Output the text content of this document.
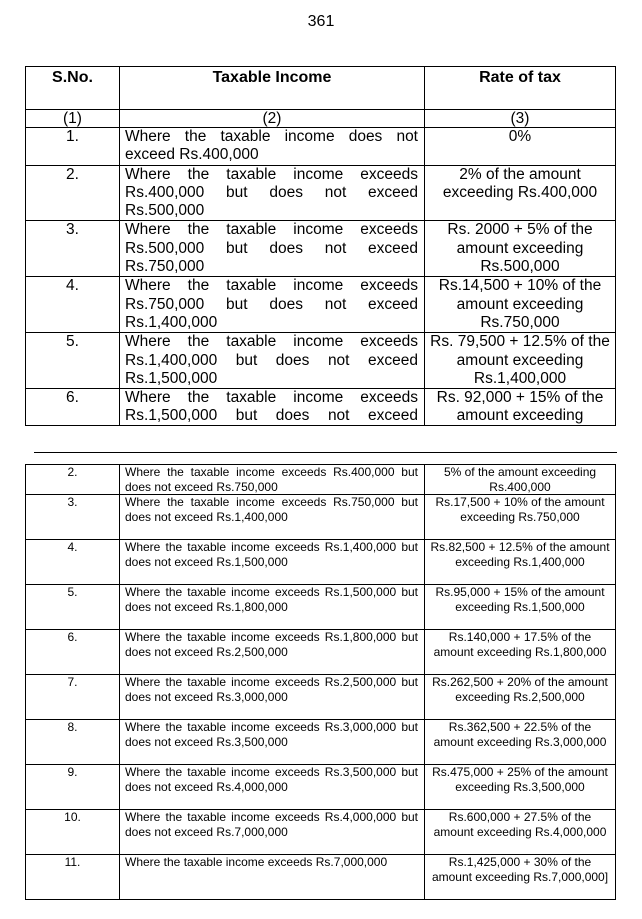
361
S.No.	Taxable Income	Rate of tax
(1)	(2)	(3)
1.	Where the taxable income does not exceed Rs.400,000	0%
2.	Where the taxable income exceeds Rs.400,000 but does not exceed Rs.500,000	2% of the amount exceeding Rs.400,000
3.	Where the taxable income exceeds Rs.500,000 but does not exceed Rs.750,000	Rs. 2000 + 5% of the amount exceeding Rs.500,000
4.	Where the taxable income exceeds Rs.750,000 but does not exceed Rs.1,400,000	Rs.14,500 + 10% of the amount exceeding Rs.750,000
5.	Where the taxable income exceeds Rs.1,400,000 but does not exceed Rs.1,500,000	Rs. 79,500 + 12.5% of the amount exceeding Rs.1,400,000

6.	Where the taxable income exceeds Rs.1,500,000 but does not exceed	Rs. 92,000 + 15% of the amount exceeding
2.	Where the taxable income exceeds Rs.400,000 but does not exceed Rs.750,000	5% of the amount exceeding Rs.400,000
3.	Where the taxable income exceeds Rs.750,000 but does not exceed Rs.1,400,000	Rs.17,500 + 10% of the amount exceeding Rs.750,000
4.	Where the taxable income exceeds Rs.1,400,000 but does not exceed Rs.1,500,000	Rs.82,500 + 12.5% of the amount exceeding Rs.1,400,000
5.	Where the taxable income exceeds Rs.1,500,000 but does not exceed Rs.1,800,000	Rs.95,000 + 15% of the amount exceeding Rs.1,500,000
6.	Where the taxable income exceeds Rs.1,800,000 but does not exceed Rs.2,500,000	Rs.140,000 + 17.5% of the amount exceeding Rs.1,800,000
7.	Where the taxable income exceeds Rs.2,500,000 but does not exceed Rs.3,000,000	Rs.262,500 + 20% of the amount exceeding Rs.2,500,000
8.	Where the taxable income exceeds Rs.3,000,000 but does not exceed Rs.3,500,000	Rs.362,500 + 22.5% of the amount exceeding Rs.3,000,000
9.	Where the taxable income exceeds Rs.3,500,000 but does not exceed Rs.4,000,000	Rs.475,000 + 25% of the amount exceeding Rs.3,500,000
10.	Where the taxable income exceeds Rs.4,000,000 but does not exceed Rs.7,000,000	Rs.600,000 + 27.5% of the amount exceeding Rs.4,000,000
11.	Where the taxable income exceeds Rs.7,000,000	Rs.1,425,000 + 30% of the amount exceeding Rs.7,000,000]
